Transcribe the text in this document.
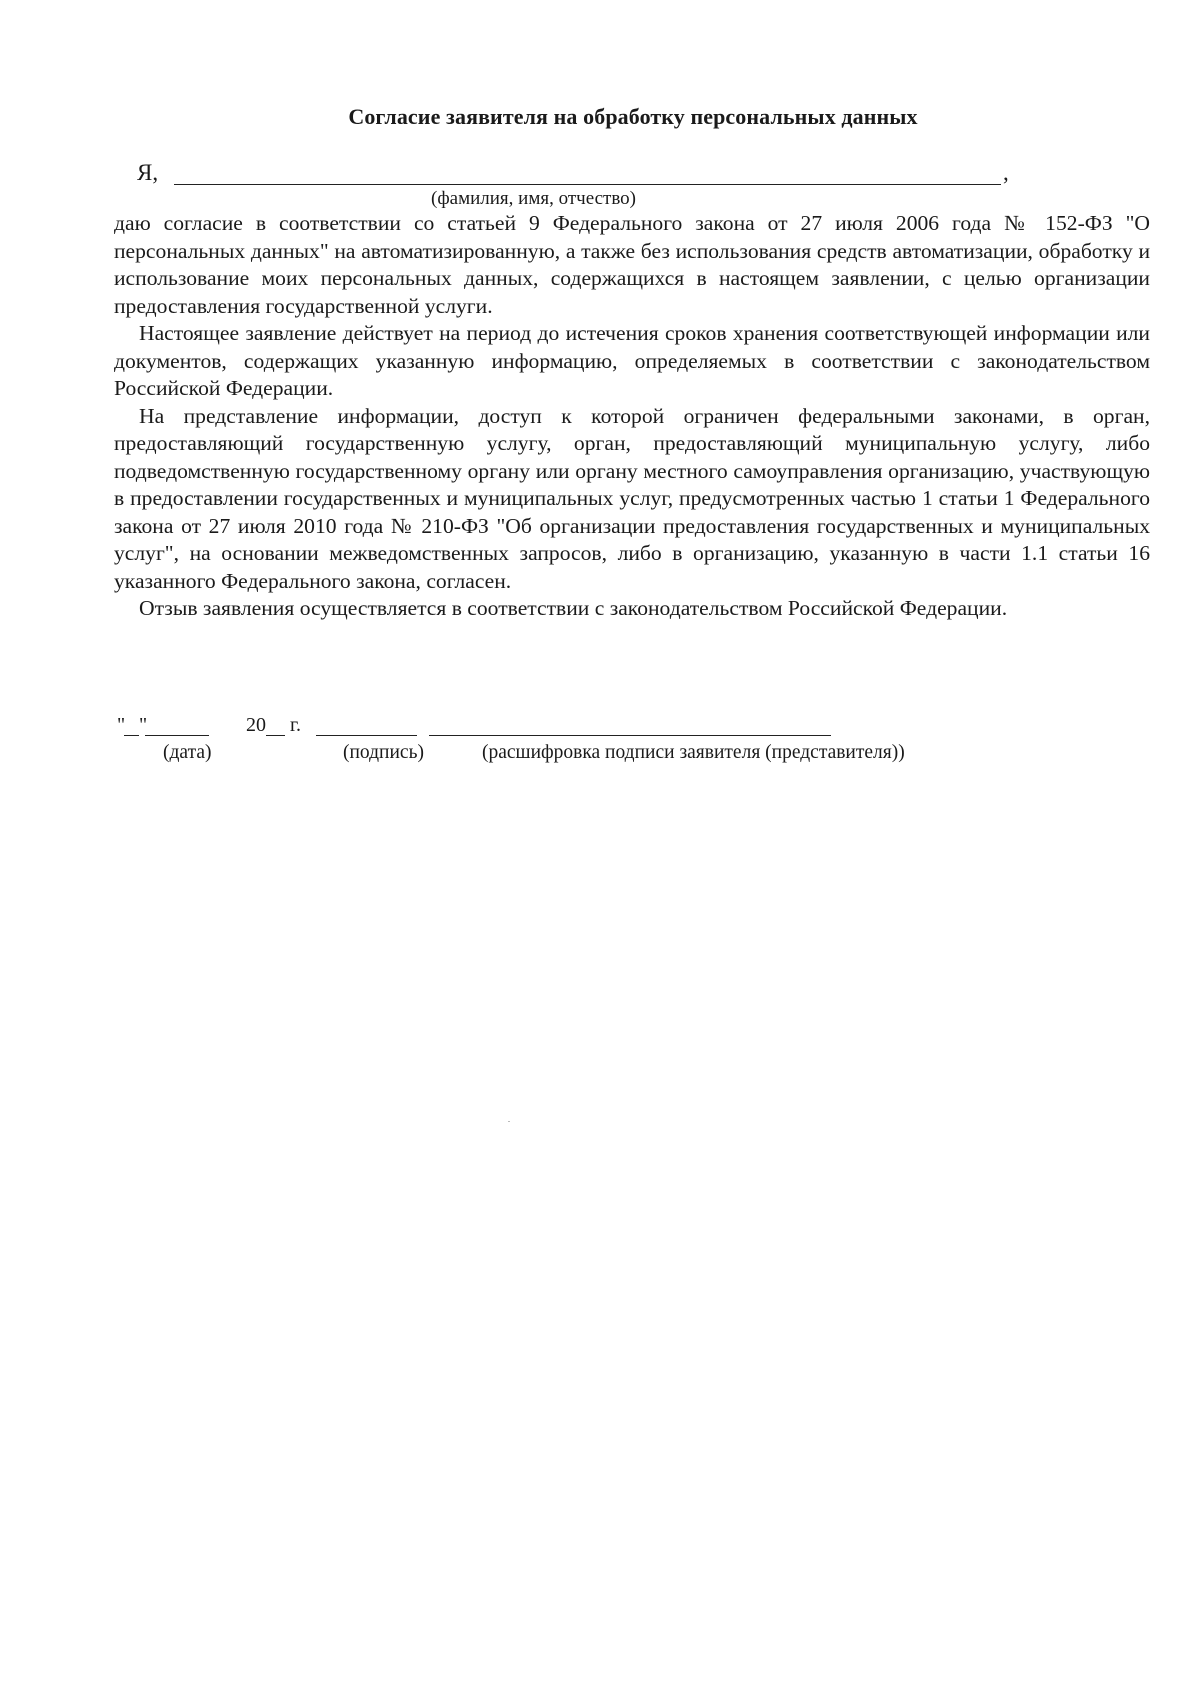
Согласие заявителя на обработку персональных данных
Я,	,
(фамилия, имя, отчество)

даю согласие в соответствии со статьей 9 Федерального закона от 27 июля 2006 года № 152-ФЗ "О персональных данных" на автоматизированную, а также без использования средств автоматизации, обработку и использование моих персональных данных, содержащихся в настоящем заявлении, с целью организации предоставления государственной услуги.

Настоящее заявление действует на период до истечения сроков хранения соответствующей информации или документов, содержащих указанную информацию, определяемых в соответствии с законодательством Российской Федерации.

На представление информации, доступ к которой ограничен федеральными законами, в орган, предоставляющий государственную услугу, орган, предоставляющий муниципальную услугу, либо подведомственную государственному органу или органу местного самоуправления организацию, участвующую в предоставлении государственных и муниципальных услуг, предусмотренных частью 1 статьи 1 Федерального закона от 27 июля 2010 года № 210-ФЗ "Об организации предоставления государственных и муниципальных услуг", на основании межведомственных запросов, либо в организацию, указанную в части 1.1 статьи 16 указанного Федерального закона, согласен.

Отзыв заявления осуществляется в соответствии с законодательством Российской Федерации.

" "	20 г.
(дата)	(подпись)	(расшифровка подписи заявителя (представителя))
